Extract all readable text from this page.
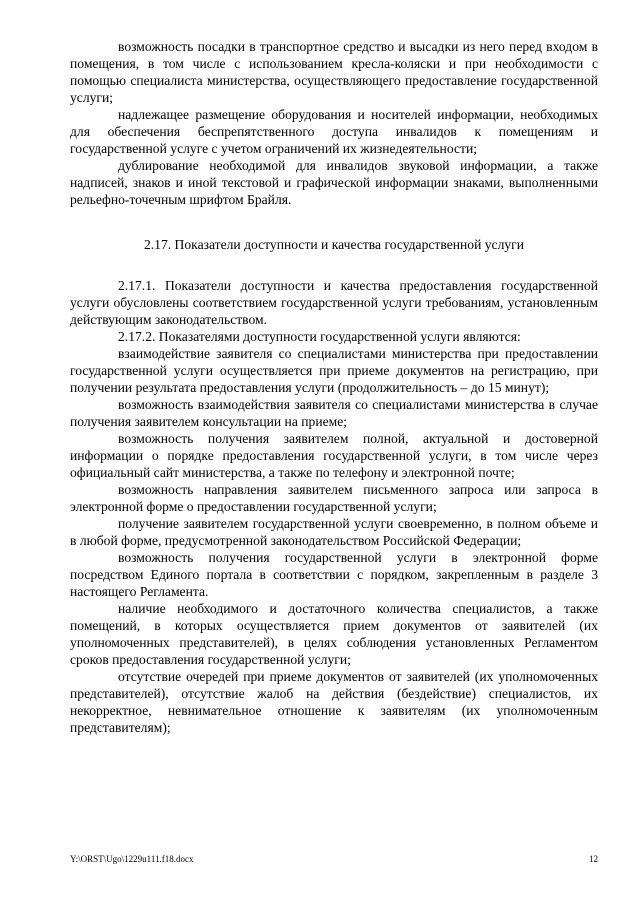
возможность посадки в транспортное средство и высадки из него перед входом в помещения, в том числе с использованием кресла-коляски и при необходимости с помощью специалиста министерства, осуществляющего предоставление государственной услуги;

надлежащее размещение оборудования и носителей информации, необходимых для обеспечения беспрепятственного доступа инвалидов к помещениям и государственной услуге с учетом ограничений их жизнедеятельности;

дублирование необходимой для инвалидов звуковой информации, а также надписей, знаков и иной текстовой и графической информации знаками, выполненными рельефно-точечным шрифтом Брайля.

2.17. Показатели доступности и качества государственной услуги

2.17.1. Показатели доступности и качества предоставления государственной услуги обусловлены соответствием государственной услуги требованиям, установленным действующим законодательством.

2.17.2. Показателями доступности государственной услуги являются:

взаимодействие заявителя со специалистами министерства при предоставлении государственной услуги осуществляется при приеме документов на регистрацию, при получении результата предоставления услуги (продолжительность – до 15 минут);

возможность взаимодействия заявителя со специалистами министерства в случае получения заявителем консультации на приеме;

возможность получения заявителем полной, актуальной и достоверной информации о порядке предоставления государственной услуги, в том числе через официальный сайт министерства, а также по телефону и электронной почте;

возможность направления заявителем письменного запроса или запроса в электронной форме о предоставлении государственной услуги;

получение заявителем государственной услуги своевременно, в полном объеме и в любой форме, предусмотренной законодательством Российской Федерации;

возможность получения государственной услуги в электронной форме посредством Единого портала в соответствии с порядком, закрепленным в разделе 3 настоящего Регламента.

наличие необходимого и достаточного количества специалистов, а также помещений, в которых осуществляется прием документов от заявителей (их уполномоченных представителей), в целях соблюдения установленных Регламентом сроков предоставления государственной услуги;

отсутствие очередей при приеме документов от заявителей (их уполномоченных представителей), отсутствие жалоб на действия (бездействие) специалистов, их некорректное, невнимательное отношение к заявителям (их уполномоченным представителям);

Y:\ORST\Ugo\1229u111.f18.docx	12
